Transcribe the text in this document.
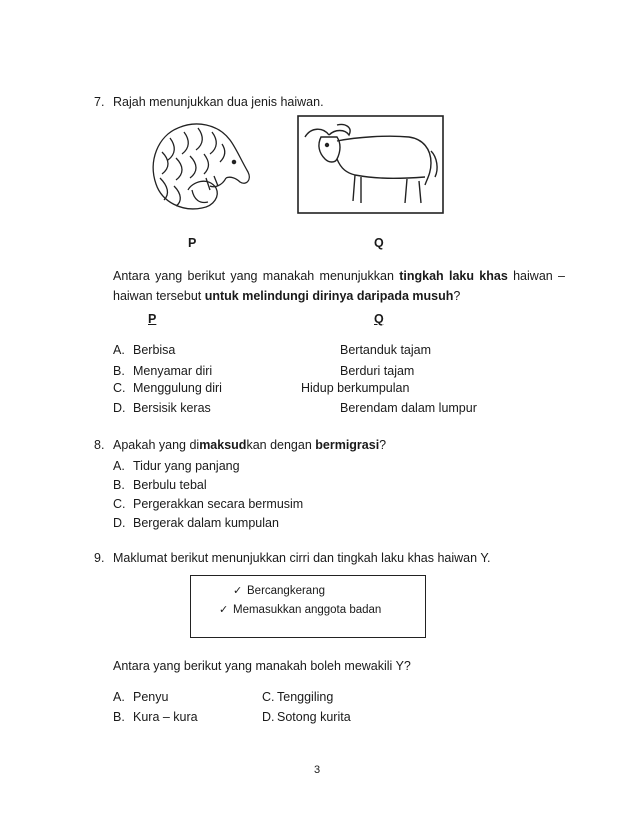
7. Rajah menunjukkan dua jenis haiwan.
P	Q
Antara yang berikut yang manakah menunjukkan tingkah laku khas haiwan – haiwan tersebut untuk melindungi dirinya daripada musuh?
P	Q
A. Berbisa	Bertanduk tajam
B. Menyamar diri	Berduri tajam
C. Menggulung diri	Hidup berkumpulan
D. Bersisik keras	Berendam dalam lumpur
8. Apakah yang dimaksudkan dengan bermigrasi?
A. Tidur yang panjang
B. Berbulu tebal
C. Pergerakkan secara bermusim
D. Bergerak dalam kumpulan
9. Maklumat berikut menunjukkan cirri dan tingkah laku khas haiwan Y.
✓ Bercangkerang
✓ Memasukkan anggota badan
Antara yang berikut yang manakah boleh mewakili Y?
A. Penyu
B. Kura – kura
C. Tenggiling
D. Sotong kurita
3
